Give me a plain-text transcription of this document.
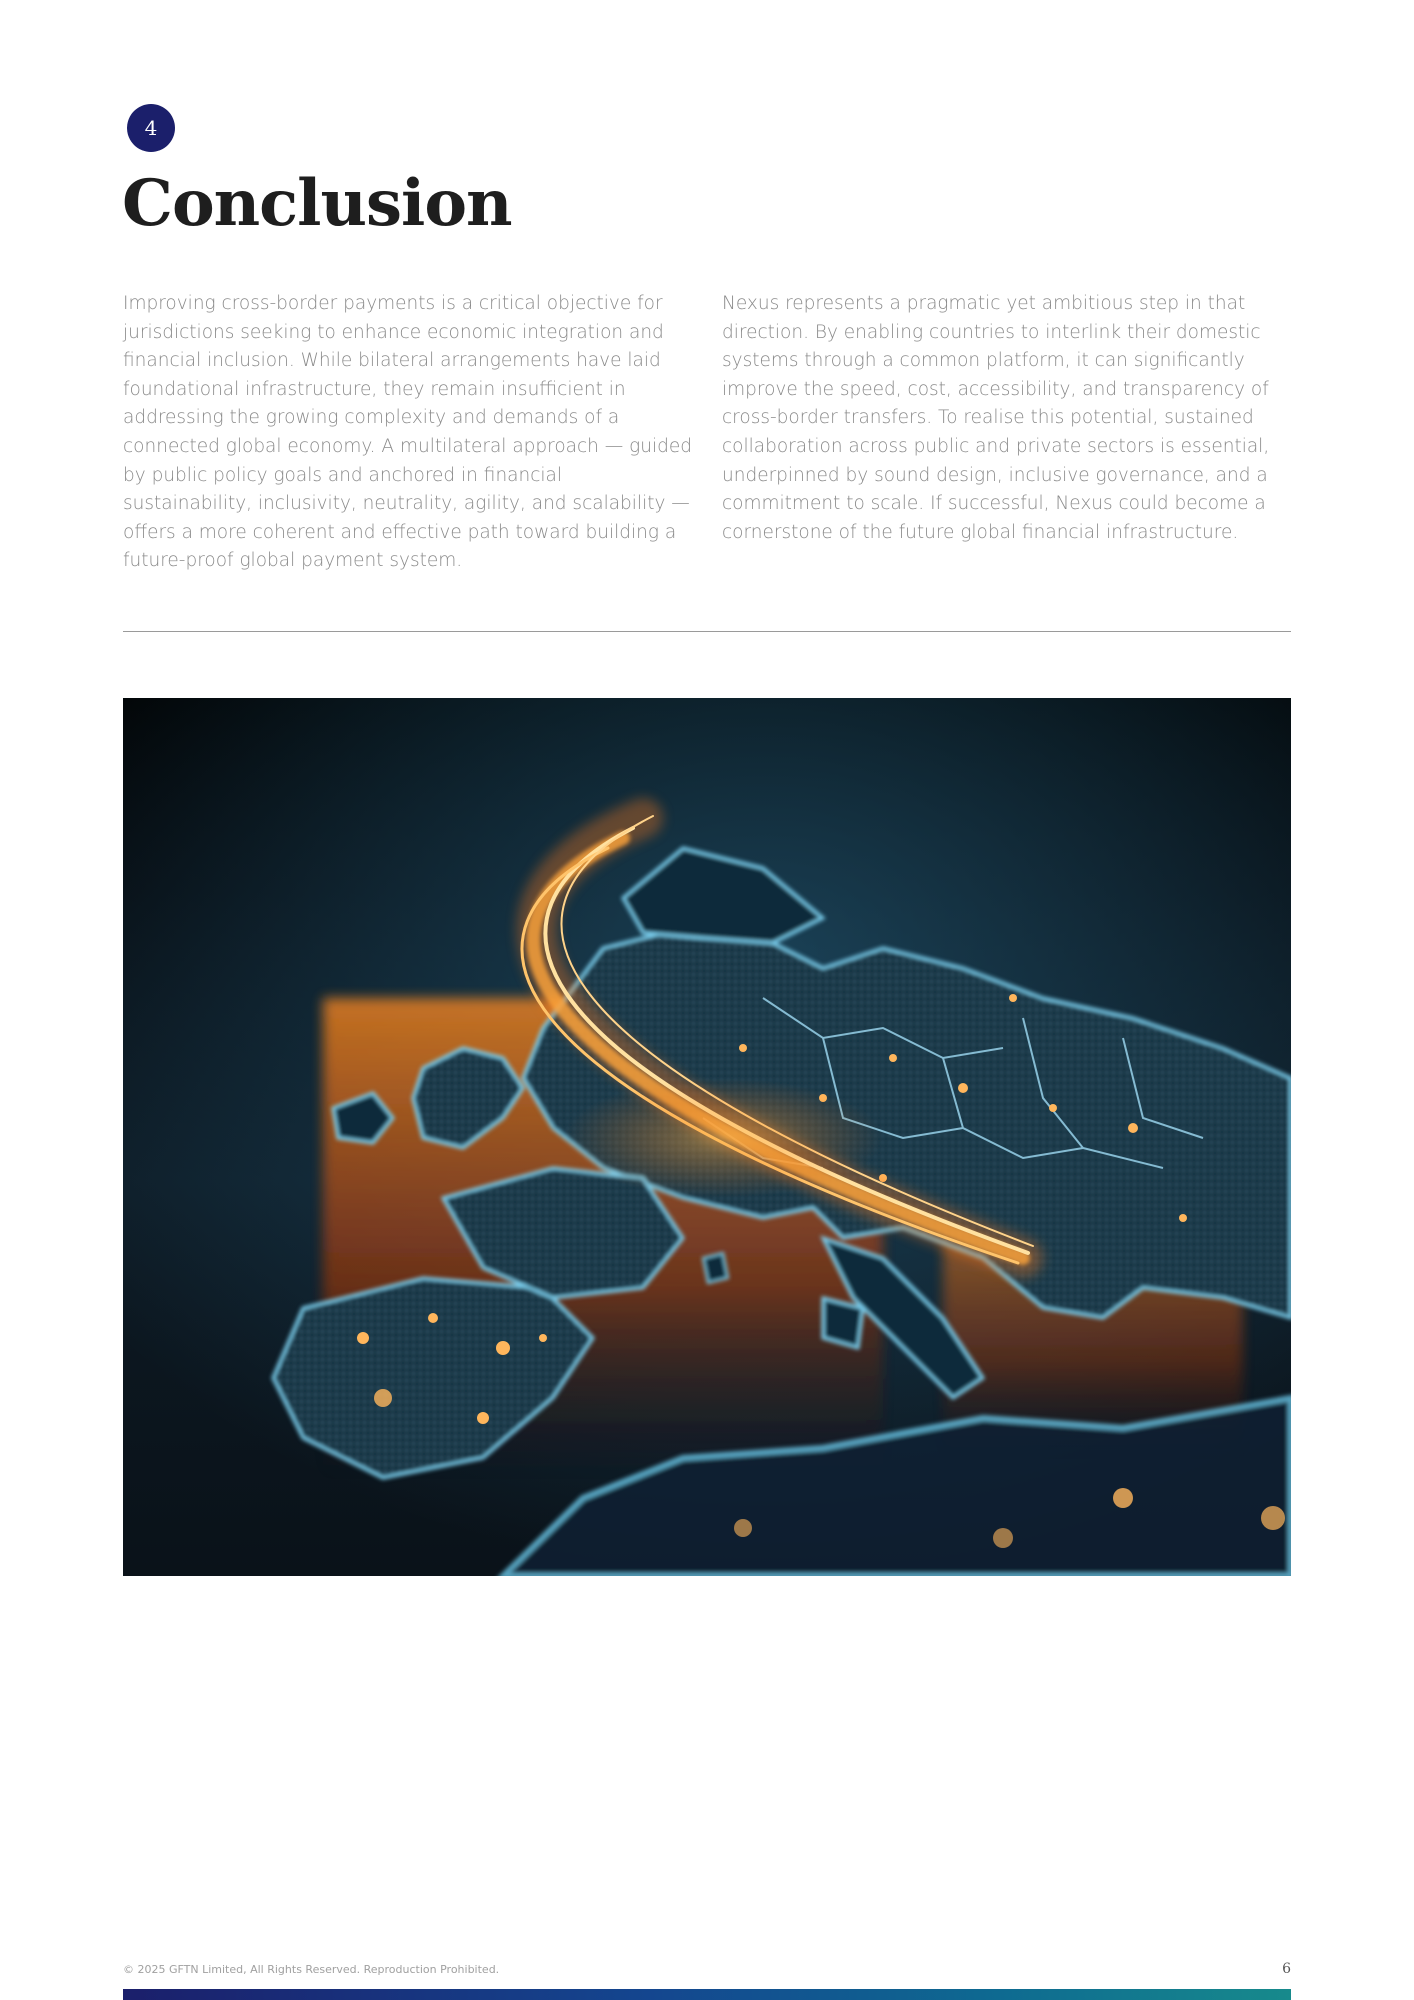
4
Conclusion

Improving cross-border payments is a critical objective for jurisdictions seeking to enhance economic integration and financial inclusion. While bilateral arrangements have laid foundational infrastructure, they remain insufficient in addressing the growing complexity and demands of a connected global economy. A multilateral approach — guided by public policy goals and anchored in financial sustainability, inclusivity, neutrality, agility, and scalability — offers a more coherent and effective path toward building a future-proof global payment system.

Nexus represents a pragmatic yet ambitious step in that direction. By enabling countries to interlink their domestic systems through a common platform, it can significantly improve the speed, cost, accessibility, and transparency of cross-border transfers. To realise this potential, sustained collaboration across public and private sectors is essential, underpinned by sound design, inclusive governance, and a commitment to scale. If successful, Nexus could become a cornerstone of the future global financial infrastructure.

© 2025 GFTN Limited, All Rights Reserved. Reproduction Prohibited.	6
